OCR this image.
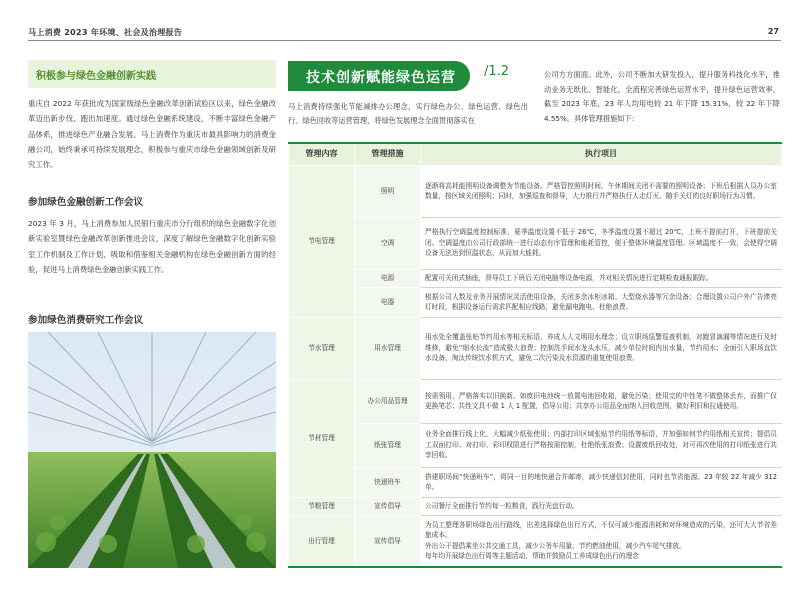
马上消费 2023 年环境、社会及治理报告	27
积极参与绿色金融创新实践
重庆自 2022 年获批成为国家级绿色金融改革创新试验区以来，绿色金融改革迈出新步伐、跑出加速度。通过绿色金融系统建设，不断丰富绿色金融产品体系，推进绿色产业融合发展。马上消费作为重庆市最具影响力的消费金融公司，始终秉承可持续发展理念，积极参与重庆市绿色金融领域创新及研究工作。
参加绿色金融创新工作会议
2023 年 3 月，马上消费参加人民银行重庆市分行组织的绿色金融数字化创新实验室暨绿色金融改革创新推进会议，深度了解绿色金融数字化创新实验室工作机制及工作计划，吸取和借鉴相关金融机构在绿色金融创新方面的经验，促进马上消费绿色金融创新实践工作。
参加绿色消费研究工作会议
技术创新赋能绿色运营 /1.2
马上消费持续强化节能减排办公理念，实行绿色办公、绿色运营、绿色出行、绿色回收等运营管理，将绿色发展理念全面贯彻落实在
公司方方面面。此外，公司不断加大研发投入，提升服务科技化水平，推动业务无纸化、智能化，全流程完善绿色运营水平，提升绿色运营效率。截至 2023 年底，23 年人均用电较 21 年下降 15.31%，较 22 年下降 4.55%。具体管理措施如下：
管理内容	管理措施	执行项目
节电管理	照明	逐渐将高耗能照明设备调整为节能设备。严格管控照明时间，午休期间关闭不需要的照明设备；下班后根据人员办公室数量，按区域关闭照明；同时，加强巡查和督导，大力推行并严格执行人走灯灭、随手关灯的良好职场行为习惯。
	空调	严格执行空调温度控制标准，夏季温度设置不低于 26℃，冬季温度设置不超过 20℃，上班不提前打开，下班提前关闭。空调温度由公司行政部统一进行动态有序管理和能耗管控，便于整体环境温度管理。区域温度不一致，会使得空调设备无法达到恒温状态，从而加大能耗。
	电源	配置可关闭式插座，督导员工下班后关闭电脑等设备电源，并对相关情况进行定期检查通报跟踪。
	电器	根据公司人数及业务开展情况灵活使用设备，关闭多余冰柜冰箱、大型烧水器等冗余设备；合理设置公司户外广告滞亮灯时段，根据设备运行需求匹配相应线路，避免漏电跑电、杜绝浪费。
节水管理	用水管理	用水处全覆盖张贴节约用水等相关标语，养成人人文明用水理念；设立职场巡警巡查机制，对跑冒滴漏等情况进行及时维修，避免“细水长流”造成极大浪费；控制洗手间水龙头水压，减少单位时间内出水量，节约用水；全面引入职场直饮水设备，淘汰传统饮水机方式，避免二次污染及水资源的重复使用浪费。
节材管理	办公用品管理	按需领用，严格落实以旧换新。如废旧电池统一放置电池回收箱，避免污染；使用完的中性笔不做整体丢弃，而推广仅更换笔芯；共性文具不做 1 人 1 配置，倡导公用；共享办公用品全面纳入回收范围，做好利旧和拉通使用。
	纸张管理	业务全面推行线上化，大幅减少纸张使用；内部打印区域张贴节约用纸等标语，并加强如何节约用纸相关宣传；提倡员工双面打印、对打印、彩印权限进行严格按需控制，杜绝纸张浪费；设置废纸回收处，对可再次使用的打印纸张进行共享回收。
	快递班车	搭建职场间“快递班车”，将同一目的地快递合并邮寄，减少快递信封使用，同时也节省能源。23 年较 22 年减少 312 单。
节粮管理	宣传倡导	公司餐厅全面推行节约每一粒粮食，践行光盘行动。
出行管理	宣传倡导	为员工整理各职场绿色出行路线，出差选择绿色出行方式，不仅可减少能源消耗和对环境造成的污染，还可大大节省差旅成本。
外出公干提倡乘坐公共交通工具，减少公务车用量，节约燃油使用，减少汽车尾气排放。
每年均开展绿色出行周等主题活动，帮助并鼓励员工养成绿色出行的理念
